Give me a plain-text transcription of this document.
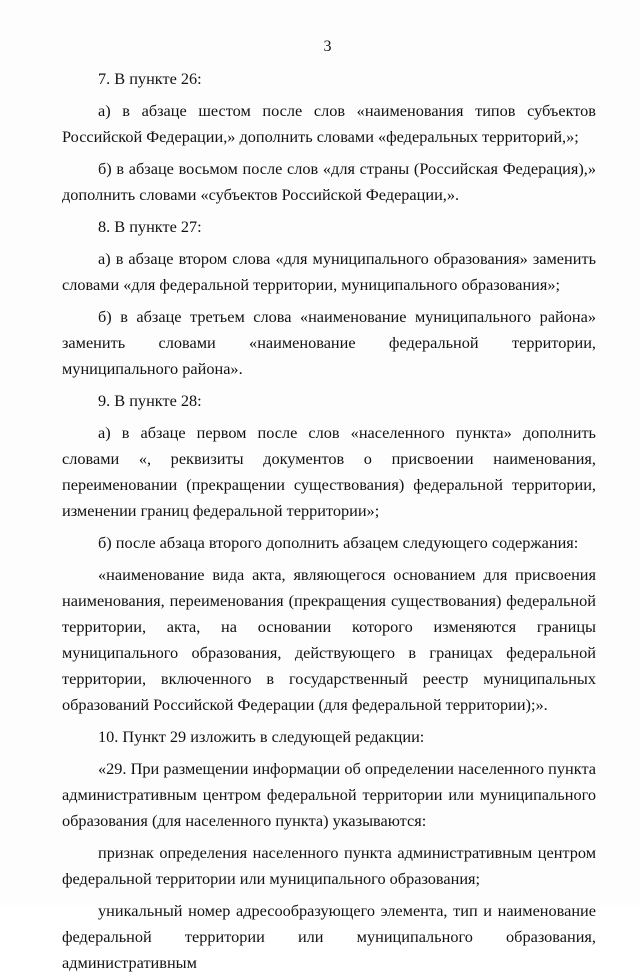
3

7. В пункте 26:

а) в абзаце шестом после слов «наименования типов субъектов Российской Федерации,» дополнить словами «федеральных территорий,»;

б) в абзаце восьмом после слов «для страны (Российская Федерация),» дополнить словами «субъектов Российской Федерации,».

8. В пункте 27:

а) в абзаце втором слова «для муниципального образования» заменить словами «для федеральной территории, муниципального образования»;

б) в абзаце третьем слова «наименование муниципального района» заменить словами «наименование федеральной территории, муниципального района».

9. В пункте 28:

а) в абзаце первом после слов «населенного пункта» дополнить словами «, реквизиты документов о присвоении наименования, переименовании (прекращении существования) федеральной территории, изменении границ федеральной территории»;

б) после абзаца второго дополнить абзацем следующего содержания:

«наименование вида акта, являющегося основанием для присвоения наименования, переименования (прекращения существования) федеральной территории, акта, на основании которого изменяются границы муниципального образования, действующего в границах федеральной территории, включенного в государственный реестр муниципальных образований Российской Федерации (для федеральной территории);».

10. Пункт 29 изложить в следующей редакции:

«29. При размещении информации об определении населенного пункта административным центром федеральной территории или муниципального образования (для населенного пункта) указываются:

признак определения населенного пункта административным центром федеральной территории или муниципального образования;

уникальный номер адресообразующего элемента, тип и наименование федеральной территории или муниципального образования, административным
